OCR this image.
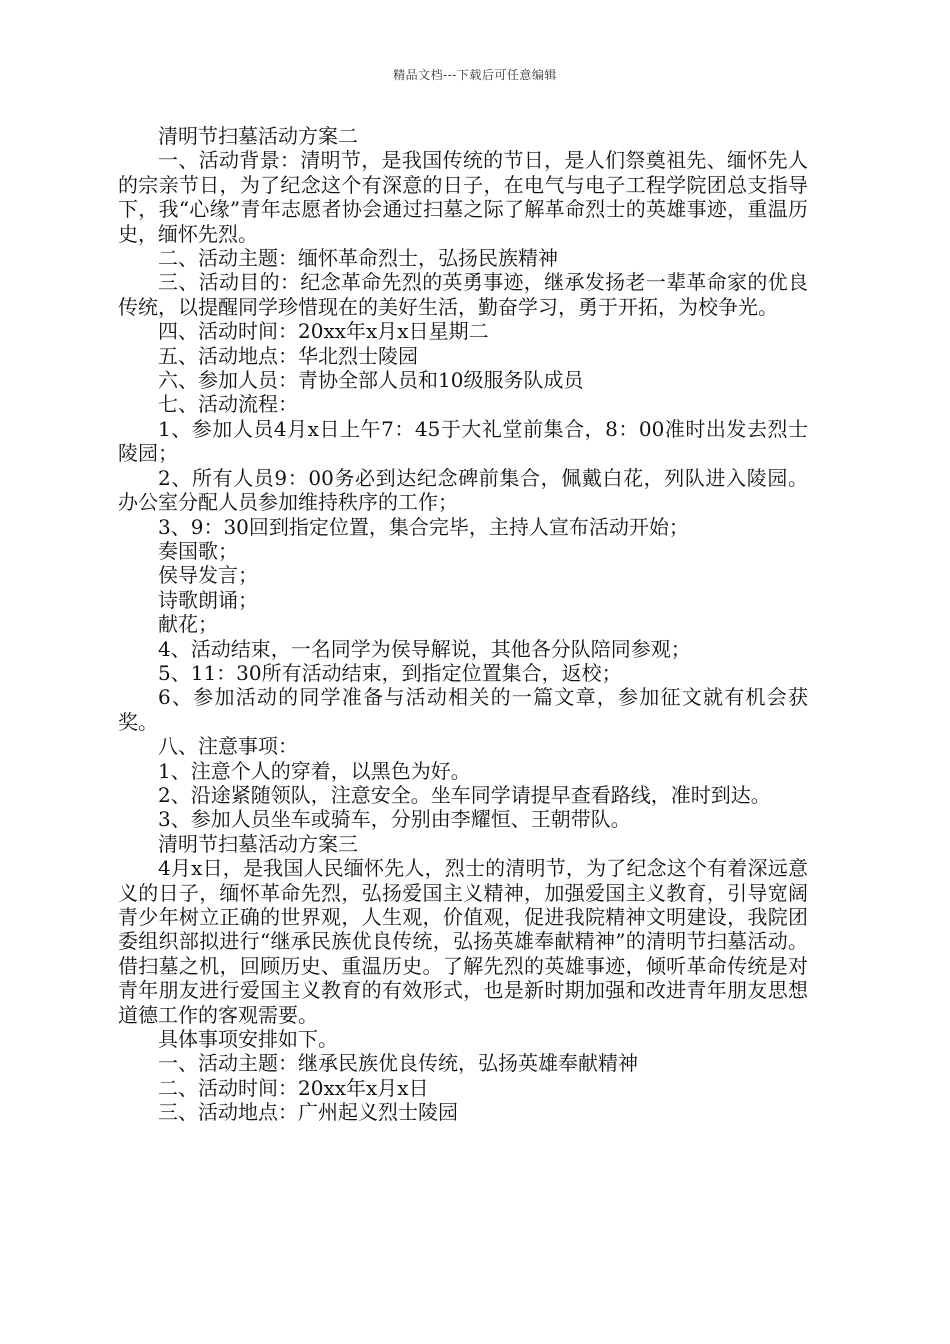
精品文档---下载后可任意编辑

清明节扫墓活动方案二

一、活动背景：清明节，是我国传统的节日，是人们祭奠祖先、缅怀先人的宗亲节日，为了纪念这个有深意的日子，在电气与电子工程学院团总支指导下，我“心缘”青年志愿者协会通过扫墓之际了解革命烈士的英雄事迹，重温历史，缅怀先烈。

二、活动主题：缅怀革命烈士，弘扬民族精神

三、活动目的：纪念革命先烈的英勇事迹，继承发扬老一辈革命家的优良传统，以提醒同学珍惜现在的美好生活，勤奋学习，勇于开拓，为校争光。

四、活动时间：20xx年x月x日星期二

五、活动地点：华北烈士陵园

六、参加人员：青协全部人员和10级服务队成员

七、活动流程：

1、参加人员4月x日上午7：45于大礼堂前集合，8：00准时出发去烈士陵园；

2、所有人员9：00务必到达纪念碑前集合，佩戴白花，列队进入陵园。办公室分配人员参加维持秩序的工作；

3、9：30回到指定位置，集合完毕，主持人宣布活动开始；

奏国歌；

侯导发言；

诗歌朗诵；

献花；

4、活动结束，一名同学为侯导解说，其他各分队陪同参观；

5、11：30所有活动结束，到指定位置集合，返校；

6、参加活动的同学准备与活动相关的一篇文章，参加征文就有机会获奖。

八、注意事项：

1、注意个人的穿着，以黑色为好。

2、沿途紧随领队，注意安全。坐车同学请提早查看路线，准时到达。

3、参加人员坐车或骑车，分别由李耀恒、王朝带队。

清明节扫墓活动方案三

4月x日，是我国人民缅怀先人，烈士的清明节，为了纪念这个有着深远意义的日子，缅怀革命先烈，弘扬爱国主义精神，加强爱国主义教育，引导宽阔青少年树立正确的世界观，人生观，价值观，促进我院精神文明建设，我院团委组织部拟进行“继承民族优良传统，弘扬英雄奉献精神”的清明节扫墓活动。借扫墓之机，回顾历史、重温历史。了解先烈的英雄事迹，倾听革命传统是对青年朋友进行爱国主义教育的有效形式，也是新时期加强和改进青年朋友思想道德工作的客观需要。

具体事项安排如下。

一、活动主题：继承民族优良传统，弘扬英雄奉献精神

二、活动时间：20xx年x月x日

三、活动地点：广州起义烈士陵园
